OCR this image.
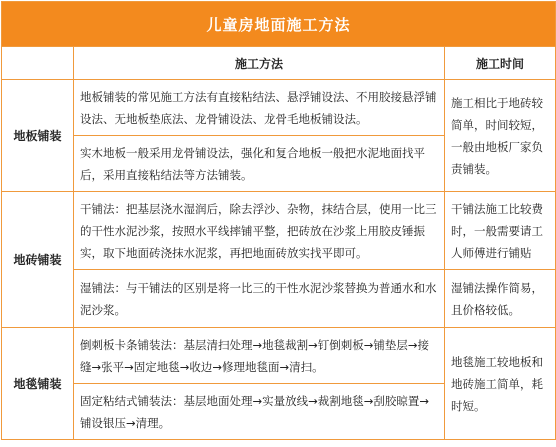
儿童房地面施工方法		
	施工方法	施工时间
地板铺装	地板铺装的常见施工方法有直接粘结法、悬浮铺设法、不用胶接悬浮铺设法、无地板垫底法、龙骨铺设法、龙骨毛地板铺设法。	施工相比于地砖较简单，时间较短，一般由地板厂家负责铺装。
	实木地板一般采用龙骨铺设法，强化和复合地板一般把水泥地面找平后，采用直接粘结法等方法铺装。	
地砖铺装	干铺法：把基层浇水湿润后，除去浮沙、杂物，抹结合层，使用一比三的干性水泥沙浆，按照水平线摔铺平整，把砖放在沙浆上用胶皮锤振实，取下地面砖浇抹水泥浆，再把地面砖放实找平即可。	干铺法施工比较费时，一般需要请工人师傅进行铺贴
	湿铺法：与干铺法的区别是将一比三的干性水泥沙浆替换为普通水和水泥沙浆。	湿铺法操作简易，且价格较低。
地毯铺装	倒刺板卡条铺装法：基层清扫处理→地毯裁割→钉倒刺板→铺垫层→接缝→张平→固定地毯→收边→修理地毯面→清扫。	地毯施工较地板和地砖施工简单，耗时短。
	固定粘结式铺装法：基层地面处理→实量放线→裁割地毯→刮胶晾置→铺设银压→清理。	
